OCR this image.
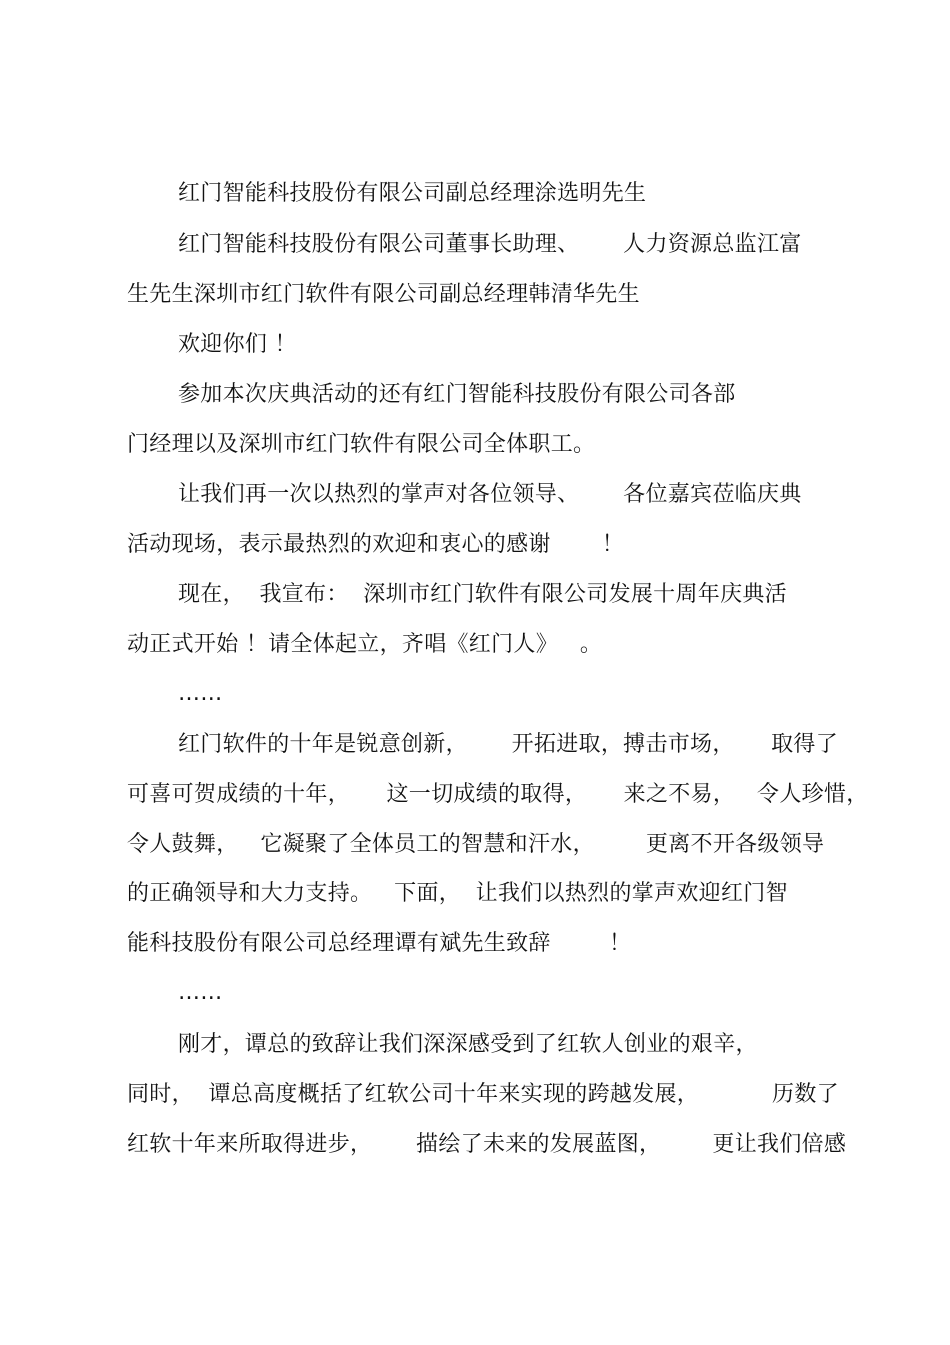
红门智能科技股份有限公司副总经理涂选明先生
红门智能科技股份有限公司董事长助理、      人力资源总监江富
生先生深圳市红门软件有限公司副总经理韩清华先生
欢迎你们 ！
参加本次庆典活动的还有红门智能科技股份有限公司各部
门经理以及深圳市红门软件有限公司全体职工。
让我们再一次以热烈的掌声对各位领导、      各位嘉宾莅临庆典
活动现场，表示最热烈的欢迎和衷心的感谢       ！
现在，  我宣布：  深圳市红门软件有限公司发展十周年庆典活
动正式开始 ！请全体起立，齐唱《红门人》   。
……
红门软件的十年是锐意创新，      开拓进取，搏击市场，     取得了
可喜可贺成绩的十年，     这一切成绩的取得，     来之不易，   令人珍惜，
令人鼓舞，   它凝聚了全体员工的智慧和汗水，       更离不开各级领导
的正确领导和大力支持。   下面，  让我们以热烈的掌声欢迎红门智
能科技股份有限公司总经理谭有斌先生致辞        ！
……
刚才，谭总的致辞让我们深深感受到了红软人创业的艰辛，
同时，  谭总高度概括了红软公司十年来实现的跨越发展，          历数了
红软十年来所取得进步，      描绘了未来的发展蓝图，       更让我们倍感
